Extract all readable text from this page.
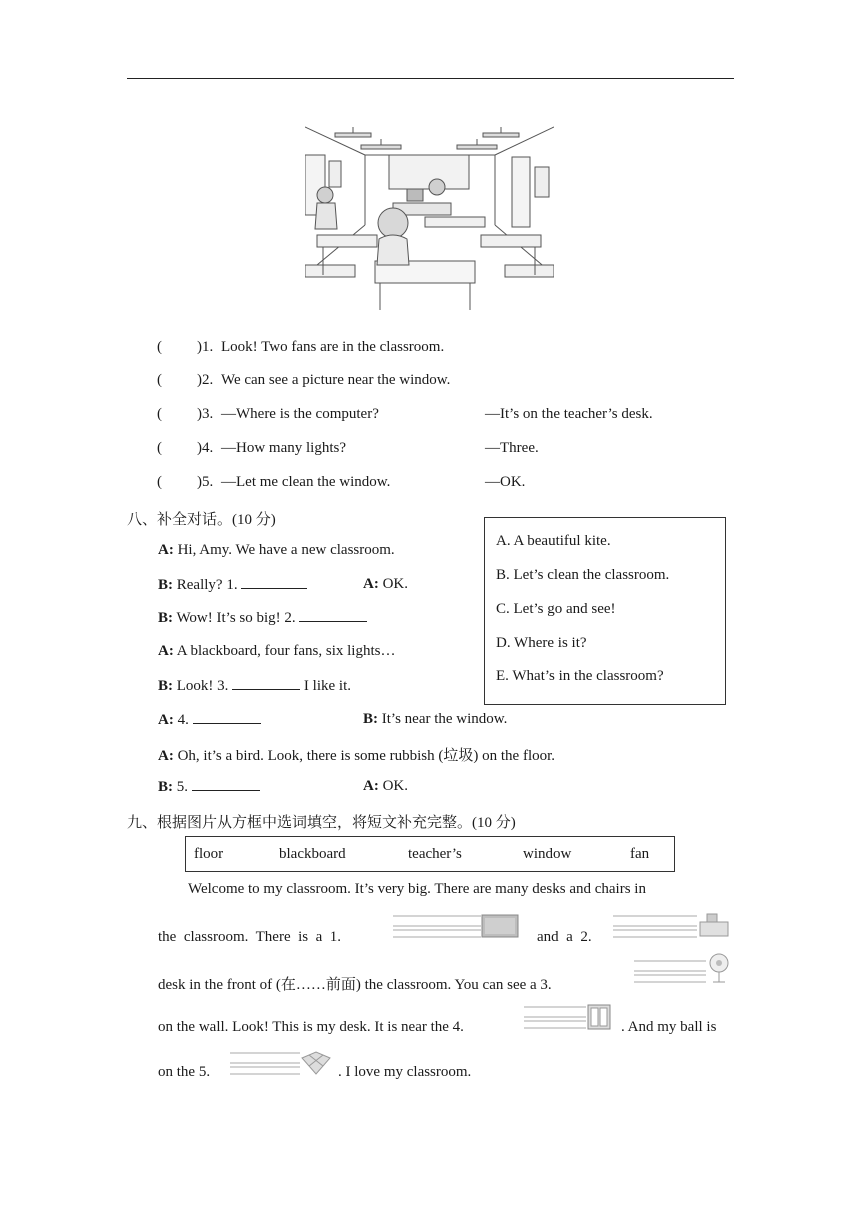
( )1. Look! Two fans are in the classroom.
( )2. We can see a picture near the window.
( )3. —Where is the computer?	—It’s on the teacher’s desk.
( )4. —How many lights?	—Three.
( )5. —Let me clean the window.	—OK.
八、补全对话。(10 分)
A: Hi, Amy. We have a new classroom.
B: Really? 1.	A: OK.
B: Wow! It’s so big! 2.
A: A blackboard, four fans, six lights…
B: Look! 3.	I like it.
A: 4.	B: It’s near the window.
A: Oh, it’s a bird. Look, there is some rubbish (垃圾) on the floor.
B: 5.	A: OK.
A. A beautiful kite.
B. Let’s clean the classroom.
C. Let’s go and see!
D. Where is it?
E. What’s in the classroom?
九、根据图片从方框中选词填空，将短文补充完整。(10 分)
floor	blackboard	teacher’s	window	fan
Welcome to my classroom. It’s very big. There are many desks and chairs in
the  classroom.  There  is  a  1.	and  a  2.
desk in the front of (在……前面) the classroom. You can see a 3.
on the wall. Look! This is my desk. It is near the 4.	. And my ball is
on the 5.	. I love my classroom.
